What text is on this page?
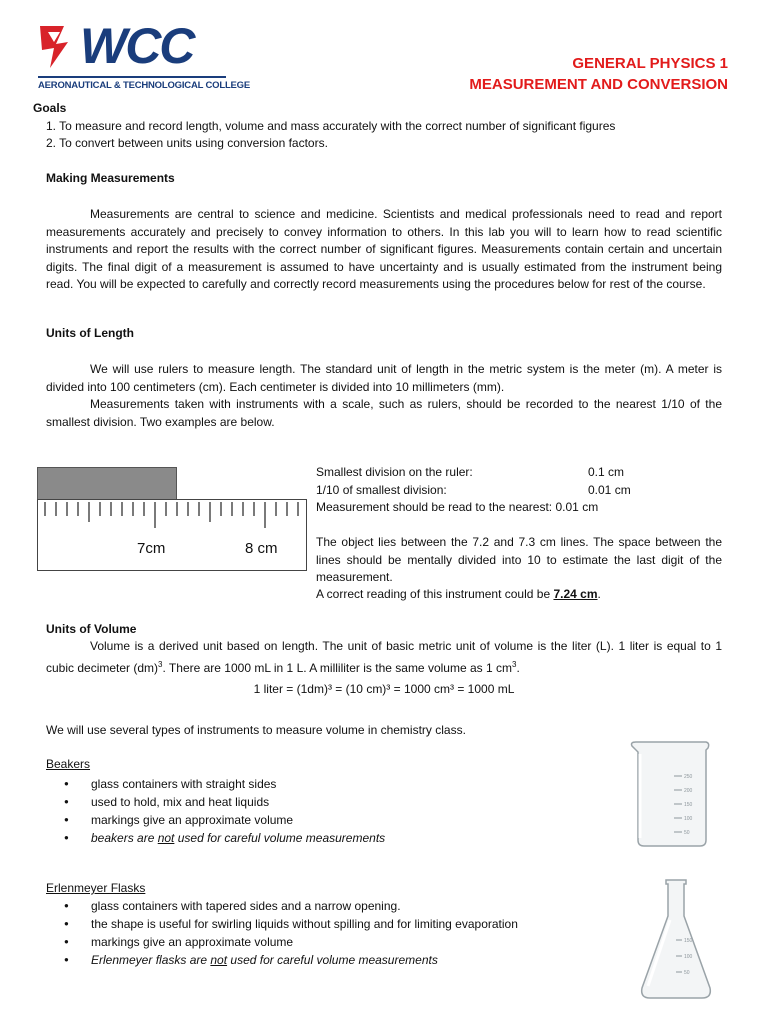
WCC
AERONAUTICAL & TECHNOLOGICAL COLLEGE
GENERAL PHYSICS 1
MEASUREMENT AND CONVERSION
Goals
1. To measure and record length, volume and mass accurately with the correct number of significant figures
2. To convert between units using conversion factors.
Making Measurements
Measurements are central to science and medicine. Scientists and medical professionals need to read and report measurements accurately and precisely to convey information to others. In this lab you will to learn how to read scientific instruments and report the results with the correct number of significant figures. Measurements contain certain and uncertain digits. The final digit of a measurement is assumed to have uncertainty and is usually estimated from the instrument being read. You will be expected to carefully and correctly record measurements using the procedures below for rest of the course.
Units of Length
We will use rulers to measure length. The standard unit of length in the metric system is the meter (m). A meter is divided into 100 centimeters (cm). Each centimeter is divided into 10 millimeters (mm).
Measurements taken with instruments with a scale, such as rulers, should be recorded to the nearest 1/10 of the smallest division. Two examples are below.
7cm	8 cm
Smallest division on the ruler:	0.1 cm
1/10 of smallest division:	0.01 cm
Measurement should be read to the nearest: 0.01 cm
The object lies between the 7.2 and 7.3 cm lines. The space between the lines should be mentally divided into 10 to estimate the last digit of the measurement.
A correct reading of this instrument could be 7.24 cm.
Units of Volume
Volume is a derived unit based on length. The unit of basic metric unit of volume is the liter (L). 1 liter is equal to 1 cubic decimeter (dm)$^3$. There are 1000 mL in 1 L. A milliliter is the same volume as 1 $cm^3$.
1 liter = (1dm)³ = (10 cm)³ = 1000 cm³ = 1000 mL
We will use several types of instruments to measure volume in chemistry class.
Beakers
● glass containers with straight sides
● used to hold, mix and heat liquids
● markings give an approximate volume
● beakers are not used for careful volume measurements
250
200
150
100
50
Erlenmeyer Flasks
● glass containers with tapered sides and a narrow opening.
● the shape is useful for swirling liquids without spilling and for limiting evaporation
● markings give an approximate volume
● Erlenmeyer flasks are not used for careful volume measurements
150
100
50
